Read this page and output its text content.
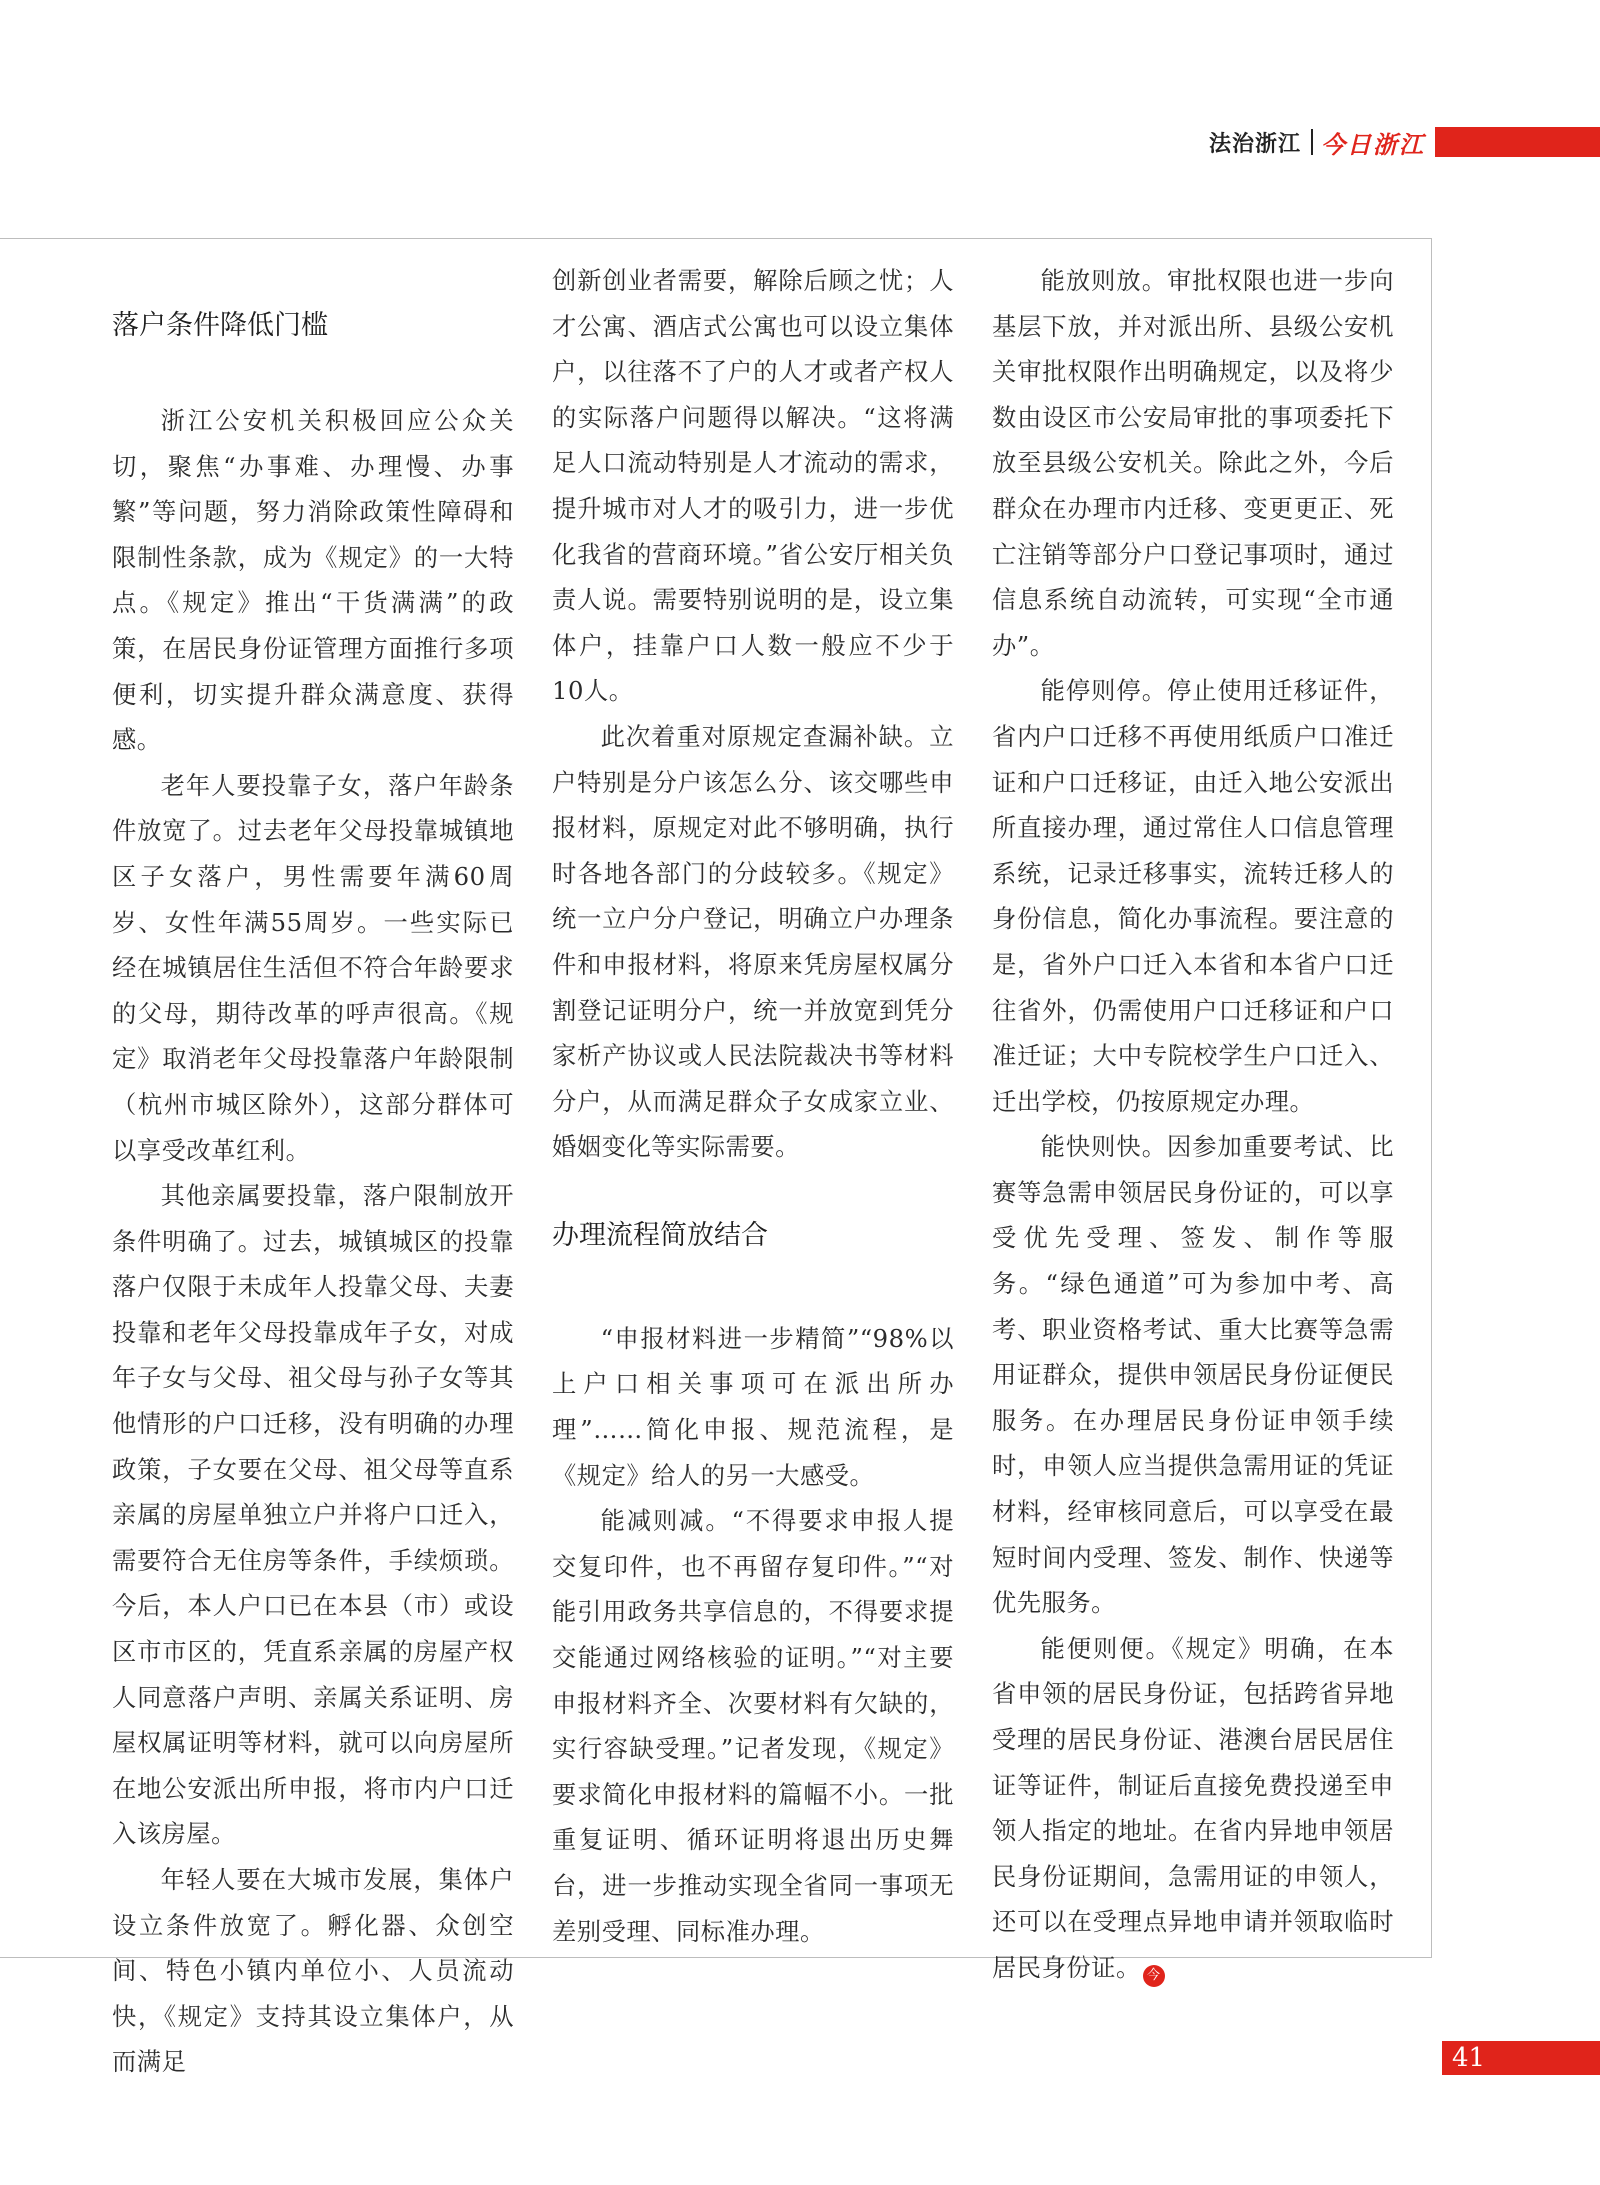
法治浙江 今日浙江
落户条件降低门槛

浙江公安机关积极回应公众关切，聚焦“办事难、办理慢、办事繁”等问题，努力消除政策性障碍和限制性条款，成为《规定》的一大特点。《规定》推出“干货满满”的政策，在居民身份证管理方面推行多项便利，切实提升群众满意度、获得感。

老年人要投靠子女，落户年龄条件放宽了。过去老年父母投靠城镇地区子女落户，男性需要年满60周岁、女性年满55周岁。一些实际已经在城镇居住生活但不符合年龄要求的父母，期待改革的呼声很高。《规定》取消老年父母投靠落户年龄限制（杭州市城区除外），这部分群体可以享受改革红利。

其他亲属要投靠，落户限制放开条件明确了。过去，城镇城区的投靠落户仅限于未成年人投靠父母、夫妻投靠和老年父母投靠成年子女，对成年子女与父母、祖父母与孙子女等其他情形的户口迁移，没有明确的办理政策，子女要在父母、祖父母等直系亲属的房屋单独立户并将户口迁入，需要符合无住房等条件，手续烦琐。今后，本人户口已在本县（市）或设区市市区的，凭直系亲属的房屋产权人同意落户声明、亲属关系证明、房屋权属证明等材料，就可以向房屋所在地公安派出所申报，将市内户口迁入该房屋。

年轻人要在大城市发展，集体户设立条件放宽了。孵化器、众创空间、特色小镇内单位小、人员流动快，《规定》支持其设立集体户，从而满足

创新创业者需要，解除后顾之忧；人才公寓、酒店式公寓也可以设立集体户，以往落不了户的人才或者产权人的实际落户问题得以解决。“这将满足人口流动特别是人才流动的需求，提升城市对人才的吸引力，进一步优化我省的营商环境。”省公安厅相关负责人说。需要特别说明的是，设立集体户，挂靠户口人数一般应不少于10人。

此次着重对原规定查漏补缺。立户特别是分户该怎么分、该交哪些申报材料，原规定对此不够明确，执行时各地各部门的分歧较多。《规定》统一立户分户登记，明确立户办理条件和申报材料，将原来凭房屋权属分割登记证明分户，统一并放宽到凭分家析产协议或人民法院裁决书等材料分户，从而满足群众子女成家立业、婚姻变化等实际需要。

办理流程简放结合

“申报材料进一步精简”“98%以上户口相关事项可在派出所办理”……简化申报、规范流程，是《规定》给人的另一大感受。

能减则减。“不得要求申报人提交复印件，也不再留存复印件。”“对能引用政务共享信息的，不得要求提交能通过网络核验的证明。”“对主要申报材料齐全、次要材料有欠缺的，实行容缺受理。”记者发现，《规定》要求简化申报材料的篇幅不小。一批重复证明、循环证明将退出历史舞台，进一步推动实现全省同一事项无差别受理、同标准办理。

能放则放。审批权限也进一步向基层下放，并对派出所、县级公安机关审批权限作出明确规定，以及将少数由设区市公安局审批的事项委托下放至县级公安机关。除此之外，今后群众在办理市内迁移、变更更正、死亡注销等部分户口登记事项时，通过信息系统自动流转，可实现“全市通办”。

能停则停。停止使用迁移证件，省内户口迁移不再使用纸质户口准迁证和户口迁移证，由迁入地公安派出所直接办理，通过常住人口信息管理系统，记录迁移事实，流转迁移人的身份信息，简化办事流程。要注意的是，省外户口迁入本省和本省户口迁往省外，仍需使用户口迁移证和户口准迁证；大中专院校学生户口迁入、迁出学校，仍按原规定办理。

能快则快。因参加重要考试、比赛等急需申领居民身份证的，可以享受优先受理、签发、制作等服务。“绿色通道”可为参加中考、高考、职业资格考试、重大比赛等急需用证群众，提供申领居民身份证便民服务。在办理居民身份证申领手续时，申领人应当提供急需用证的凭证材料，经审核同意后，可以享受在最短时间内受理、签发、制作、快递等优先服务。

能便则便。《规定》明确，在本省申领的居民身份证，包括跨省异地受理的居民身份证、港澳台居民居住证等证件，制证后直接免费投递至申领人指定的地址。在省内异地申领居民身份证期间，急需用证的申领人，还可以在受理点异地申请并领取临时居民身份证。 今

41
